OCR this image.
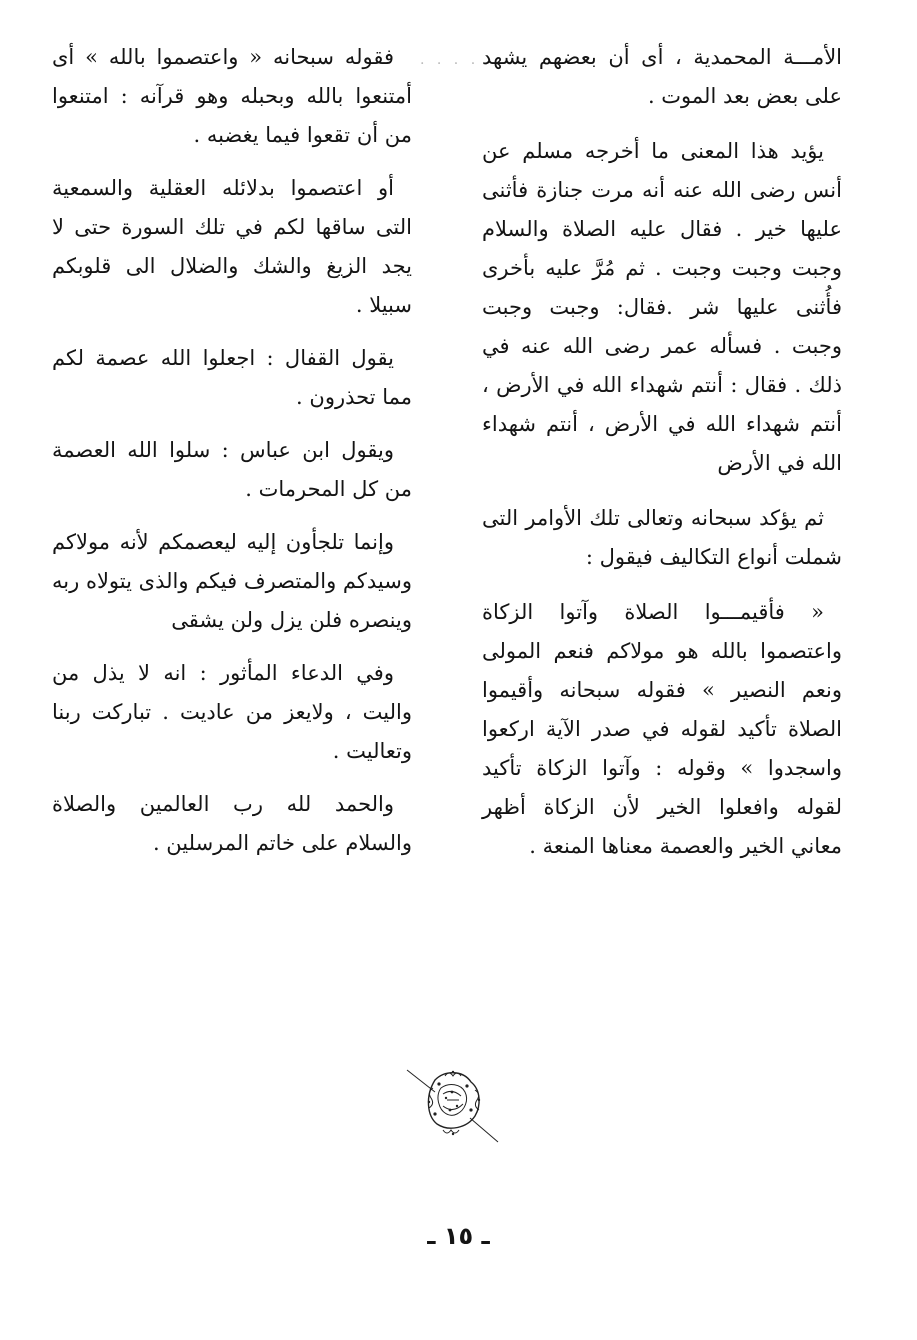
. . . . الأمـــة المحمدية ، أى أن بعضهم يشهد على بعض بعد الموت .

يؤيد هذا المعنى ما أخرجه مسلم عن أنس رضى الله عنه أنه مرت جنازة فأثنى عليها خير . فقال عليه الصلاة والسلام وجبت وجبت وجبت . ثم مُرَّ عليه بأخرى فأُثنى عليها شر .فقال: وجبت وجبت وجبت . فسأله عمر رضى الله عنه في ذلك . فقال : أنتم شهداء الله في الأرض ، أنتم شهداء الله في الأرض ، أنتم شهداء الله في الأرض

ثم يؤكد سبحانه وتعالى تلك الأوامر التى شملت أنواع التكاليف فيقول :

« فأقيمـــوا الصلاة وآتوا الزكاة واعتصموا بالله هو مولاكم فنعم المولى ونعم النصير » فقوله سبحانه وأقيموا الصلاة تأكيد لقوله في صدر الآية اركعوا واسجدوا » وقوله : وآتوا الزكاة تأكيد لقوله وافعلوا الخير لأن الزكاة أظهر معاني الخير والعصمة معناها المنعة .

فقوله سبحانه « واعتصموا بالله » أى أمتنعوا بالله وبحبله وهو قرآنه : امتنعوا من أن تقعوا فيما يغضبه .

أو اعتصموا بدلائله العقلية والسمعية التى ساقها لكم في تلك السورة حتى لا يجد الزيغ والشك والضلال الى قلوبكم سبيلا .

يقول القفال : اجعلوا الله عصمة لكم مما تحذرون .

ويقول ابن عباس : سلوا الله العصمة من كل المحرمات .

وإنما تلجأون إليه ليعصمكم لأنه مولاكم وسيدكم والمتصرف فيكم والذى يتولاه ربه وينصره فلن يزل ولن يشقى

وفي الدعاء المأثور : انه لا يذل من واليت ، ولايعز من عاديت . تباركت ربنا وتعاليت .

والحمد لله رب العالمين والصلاة والسلام على خاتم المرسلين .

ـ ١٥ ـ
